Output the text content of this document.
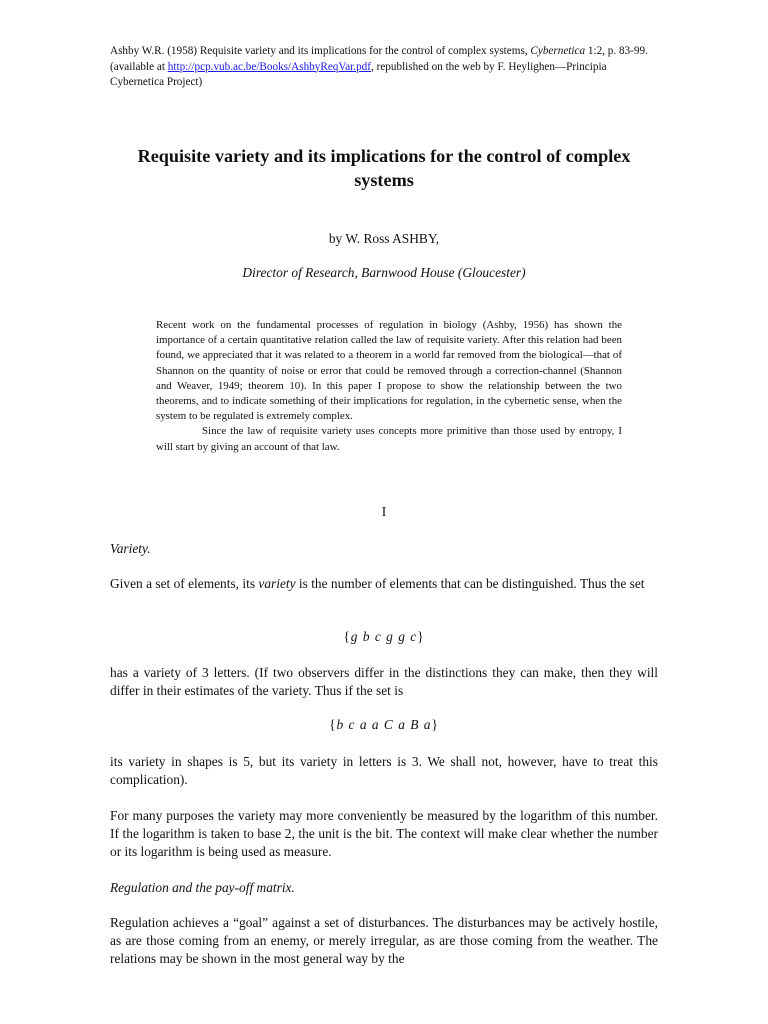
Ashby W.R. (1958) Requisite variety and its implications for the control of complex systems, Cybernetica 1:2, p. 83-99. (available at http://pcp.vub.ac.be/Books/AshbyReqVar.pdf, republished on the web by F. Heylighen—Principia Cybernetica Project)
Requisite variety and its implications for the control of complex systems
by W. Ross ASHBY,
Director of Research, Barnwood House (Gloucester)

Recent work on the fundamental processes of regulation in biology (Ashby, 1956) has shown the importance of a certain quantitative relation called the law of requisite variety. After this relation had been found, we appreciated that it was related to a theorem in a world far removed from the biological—that of Shannon on the quantity of noise or error that could be removed through a correction-channel (Shannon and Weaver, 1949; theorem 10). In this paper I propose to show the relationship between the two theorems, and to indicate something of their implications for regulation, in the cybernetic sense, when the system to be regulated is extremely complex.

Since the law of requisite variety uses concepts more primitive than those used by entropy, I will start by giving an account of that law.

I
Variety.
Given a set of elements, its variety is the number of elements that can be distinguished. Thus the set
{g b c g g c}
has a variety of 3 letters. (If two observers differ in the distinctions they can make, then they will differ in their estimates of the variety. Thus if the set is
{b c a a C a B a}
its variety in shapes is 5, but its variety in letters is 3. We shall not, however, have to treat this complication).
For many purposes the variety may more conveniently be measured by the logarithm of this number. If the logarithm is taken to base 2, the unit is the bit. The context will make clear whether the number or its logarithm is being used as measure.
Regulation and the pay-off matrix.
Regulation achieves a “goal” against a set of disturbances. The disturbances may be actively hostile, as are those coming from an enemy, or merely irregular, as are those coming from the weather. The relations may be shown in the most general way by the
